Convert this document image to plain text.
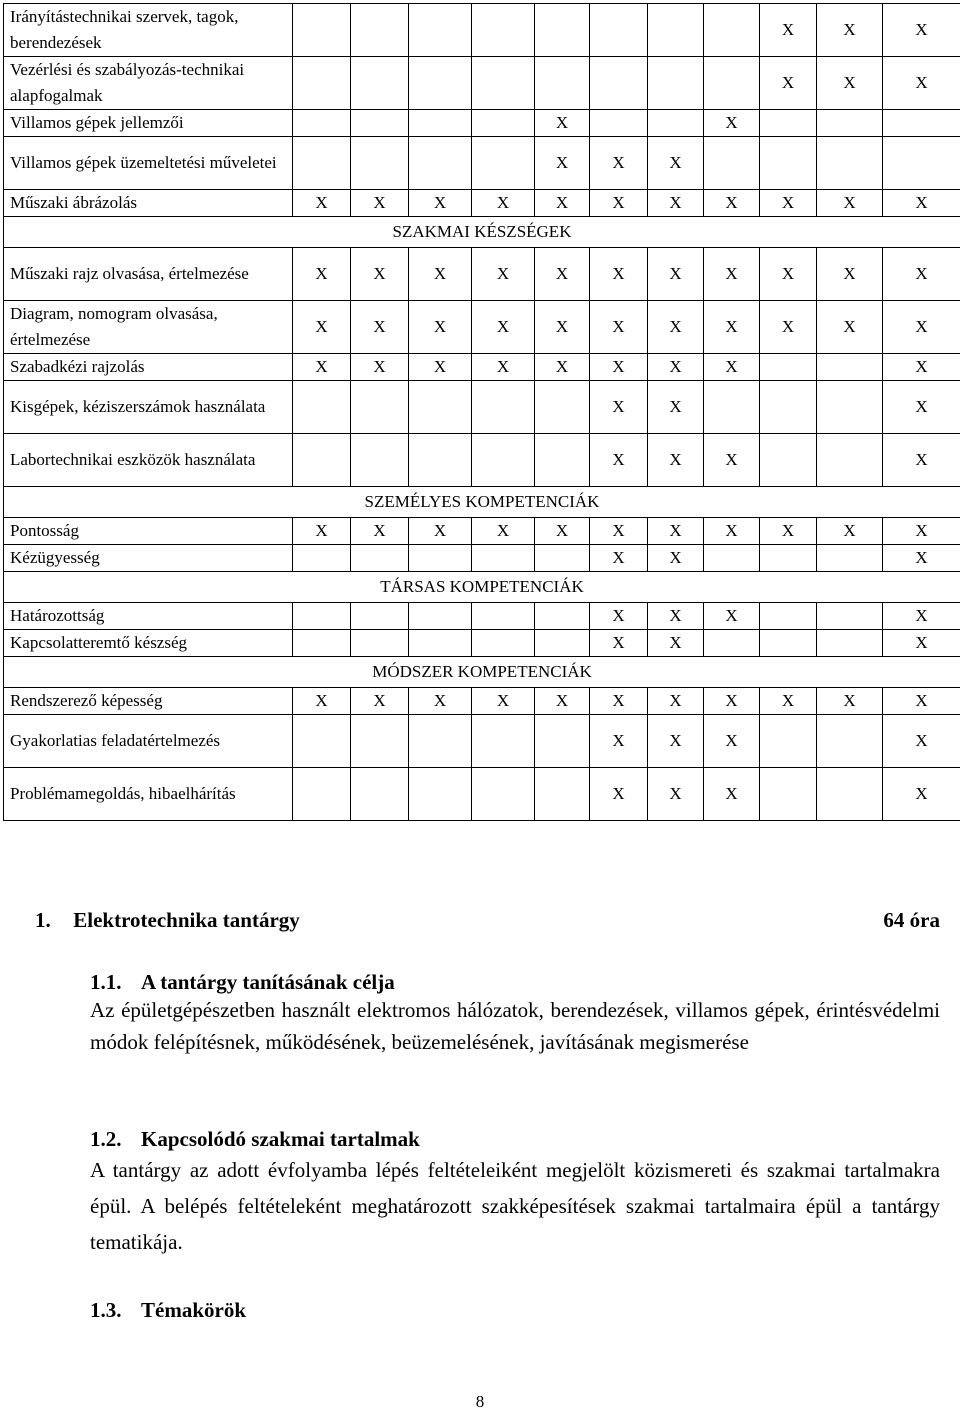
Irányítástechnikai szervek, tagok, berendezések									X	X	X
Vezérlési és szabályozás-technikai alapfogalmak									X	X	X
Villamos gépek jellemzői					X			X			
Villamos gépek üzemeltetési műveletei					X	X	X				
Műszaki ábrázolás	X	X	X	X	X	X	X	X	X	X	X
SZAKMAI KÉSZSÉGEK											
Műszaki rajz olvasása, értelmezése	X	X	X	X	X	X	X	X	X	X	X
Diagram, nomogram olvasása, értelmezése	X	X	X	X	X	X	X	X	X	X	X
Szabadkézi rajzolás	X	X	X	X	X	X	X	X			X
Kisgépek, kéziszerszámok használata						X	X				X
Labortechnikai eszközök használata						X	X	X			X
SZEMÉLYES KOMPETENCIÁK											
Pontosság	X	X	X	X	X	X	X	X	X	X	X
Kézügyesség						X	X				X
TÁRSAS KOMPETENCIÁK											
Határozottság						X	X	X			X
Kapcsolatteremtő készség						X	X				X
MÓDSZER KOMPETENCIÁK											
Rendszerező képesség	X	X	X	X	X	X	X	X	X	X	X
Gyakorlatias feladatértelmezés						X	X	X			X
Problémamegoldás, hibaelhárítás						X	X	X			X
1. Elektrotechnika tantárgy	64 óra
1.1. A tantárgy tanításának célja
Az épületgépészetben használt elektromos hálózatok, berendezések, villamos gépek, érintésvédelmi módok felépítésnek, működésének, beüzemelésének, javításának megismerése
1.2. Kapcsolódó szakmai tartalmak
A tantárgy az adott évfolyamba lépés feltételeiként megjelölt közismereti és szakmai tartalmakra épül. A belépés feltételeként meghatározott szakképesítések szakmai tartalmaira épül a tantárgy tematikája.
1.3. Témakörök
8
